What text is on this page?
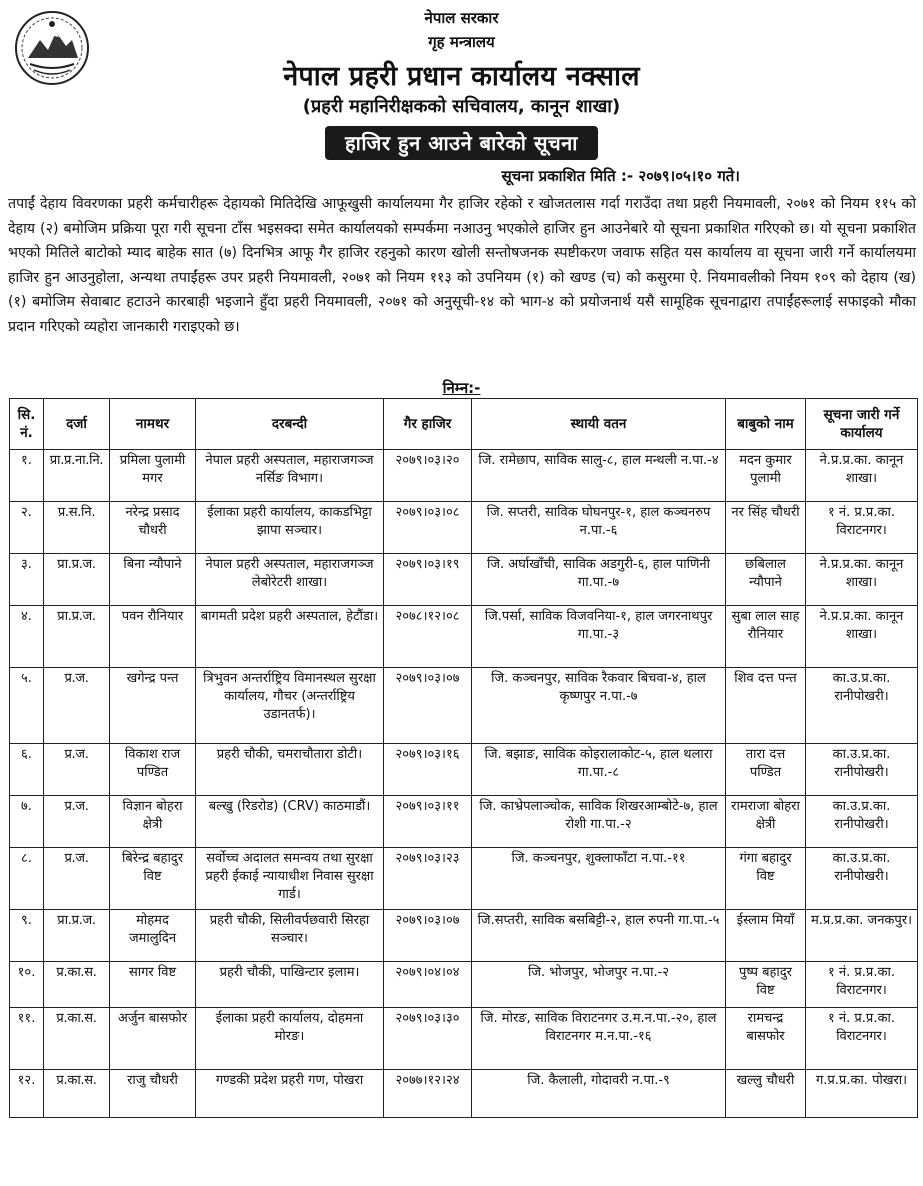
नेपाल सरकार
गृह मन्त्रालय
नेपाल प्रहरी प्रधान कार्यालय नक्साल
(प्रहरी महानिरीक्षकको सचिवालय, कानून शाखा)
हाजिर हुन आउने बारेको सूचना
सूचना प्रकाशित मिति :- २०७९।०५।१० गते।

तपाईं देहाय विवरणका प्रहरी कर्मचारीहरू देहायको मितिदेखि आफूखुसी कार्यालयमा गैर हाजिर रहेको र खोजतलास गर्दा गराउँदा तथा प्रहरी नियमावली, २०७१ को नियम ११५ को देहाय (२) बमोजिम प्रक्रिया पूरा गरी सूचना टाँस भइसक्दा समेत कार्यालयको सम्पर्कमा नआउनु भएकोले हाजिर हुन आउनेबारे यो सूचना प्रकाशित गरिएको छ। यो सूचना प्रकाशित भएको मितिले बाटोको म्याद बाहेक सात (७) दिनभित्र आफू गैर हाजिर रहनुको कारण खोली सन्तोषजनक स्पष्टीकरण जवाफ सहित यस कार्यालय वा सूचना जारी गर्ने कार्यालयमा हाजिर हुन आउनुहोला, अन्यथा तपाईंहरू उपर प्रहरी नियमावली, २०७१ को नियम ११३ को उपनियम (१) को खण्ड (च) को कसुरमा ऐ. नियमावलीको नियम १०९ को देहाय (ख) (१) बमोजिम सेवाबाट हटाउने कारबाही भइजाने हुँदा प्रहरी नियमावली, २०७१ को अनुसूची-१४ को भाग-४ को प्रयोजनार्थ यसै सामूहिक सूचनाद्वारा तपाईंहरूलाई सफाइको मौका प्रदान गरिएको व्यहोरा जानकारी गराइएको छ।

निम्न:-
सि. नं.	दर्जा	नामथर	दरबन्दी	गैर हाजिर	स्थायी वतन	बाबुको नाम	सूचना जारी गर्ने कार्यालय
१.	प्रा.प्र.ना.नि.	प्रमिला पुलामी मगर	नेपाल प्रहरी अस्पताल, महाराजगञ्ज नर्सिङ विभाग।	२०७९।०३।२०	जि. रामेछाप, साविक सालु-८, हाल मन्थली न.पा.-४	मदन कुमार पुलामी	ने.प्र.प्र.का. कानून शाखा।
२.	प्र.स.नि.	नरेन्द्र प्रसाद चौधरी	ईलाका प्रहरी कार्यालय, काकडभिट्टा झापा सञ्चार।	२०७९।०३।०८	जि. सप्तरी, साविक घोघनपुर-१, हाल कञ्चनरुप न.पा.-६	नर सिंह चौधरी	१ नं. प्र.प्र.का. विराटनगर।
३.	प्रा.प्र.ज.	बिना न्यौपाने	नेपाल प्रहरी अस्पताल, महाराजगञ्ज लेबोरेटरी शाखा।	२०७९।०३।१९	जि. अर्घाखाँची, साविक अडगुरी-६, हाल पाणिनी गा.पा.-७	छबिलाल न्यौपाने	ने.प्र.प्र.का. कानून शाखा।
४.	प्रा.प्र.ज.	पवन रौनियार	बागमती प्रदेश प्रहरी अस्पताल, हेटौंडा।	२०७८।१२।०८	जि.पर्सा, साविक विजवनिया-१, हाल जगरनाथपुर गा.पा.-३	सुबा लाल साह रौनियार	ने.प्र.प्र.का. कानून शाखा।
५.	प्र.ज.	खगेन्द्र पन्त	त्रिभुवन अन्तर्राष्ट्रिय विमानस्थल सुरक्षा कार्यालय, गौचर (अन्तर्राष्ट्रिय उडानतर्फ)।	२०७९।०३।०७	जि. कञ्चनपुर, साविक रैकवार बिचवा-४, हाल कृष्णपुर न.पा.-७	शिव दत्त पन्त	का.उ.प्र.का. रानीपोखरी।
६.	प्र.ज.	विकाश राज पण्डित	प्रहरी चौकी, चमराचौतारा डोटी।	२०७९।०३।१६	जि. बझाङ, साविक कोइरालाकोट-५, हाल थलारा गा.पा.-८	तारा दत्त पण्डित	का.उ.प्र.का. रानीपोखरी।
७.	प्र.ज.	विज्ञान बोहरा क्षेत्री	बल्खु (रिडरोड) (CRV) काठमाडौं।	२०७९।०३।११	जि. काभ्रेपलाञ्चोक, साविक शिखरआम्बोटे-७, हाल रोशी गा.पा.-२	रामराजा बोहरा क्षेत्री	का.उ.प्र.का. रानीपोखरी।
८.	प्र.ज.	बिरेन्द्र बहादुर विष्ट	सर्वोच्च अदालत समन्वय तथा सुरक्षा प्रहरी ईकाई न्यायाधीश निवास सुरक्षा गार्ड।	२०७९।०३।२३	जि. कञ्चनपुर, शुक्लाफाँटा न.पा.-११	गंगा बहादुर विष्ट	का.उ.प्र.का. रानीपोखरी।
९.	प्रा.प्र.ज.	मोहमद जमालुदिन	प्रहरी चौकी, सिलीवर्पछवारी सिरहा सञ्चार।	२०७९।०३।०७	जि.सप्तरी, साविक बसबिट्टी-२, हाल रुपनी गा.पा.-५	ईस्लाम मियाँ	म.प्र.प्र.का. जनकपुर।
१०.	प्र.का.स.	सागर विष्ट	प्रहरी चौकी, पाखिन्टार इलाम।	२०७९।०४।०४	जि. भोजपुर, भोजपुर न.पा.-२	पुष्प बहादुर विष्ट	१ नं. प्र.प्र.का. विराटनगर।
११.	प्र.का.स.	अर्जुन बासफोर	ईलाका प्रहरी कार्यालय, दोहमना मोरङ।	२०७९।०३।३०	जि. मोरङ, साविक विराटनगर उ.म.न.पा.-२०, हाल विराटनगर म.न.पा.-१६	रामचन्द्र बासफोर	१ नं. प्र.प्र.का. विराटनगर।
१२.	प्र.का.स.	राजु चौधरी	गण्डकी प्रदेश प्रहरी गण, पोखरा	२०७७।१२।२४	जि. कैलाली, गोदावरी न.पा.-९	खल्लु चौधरी	ग.प्र.प्र.का. पोखरा।
